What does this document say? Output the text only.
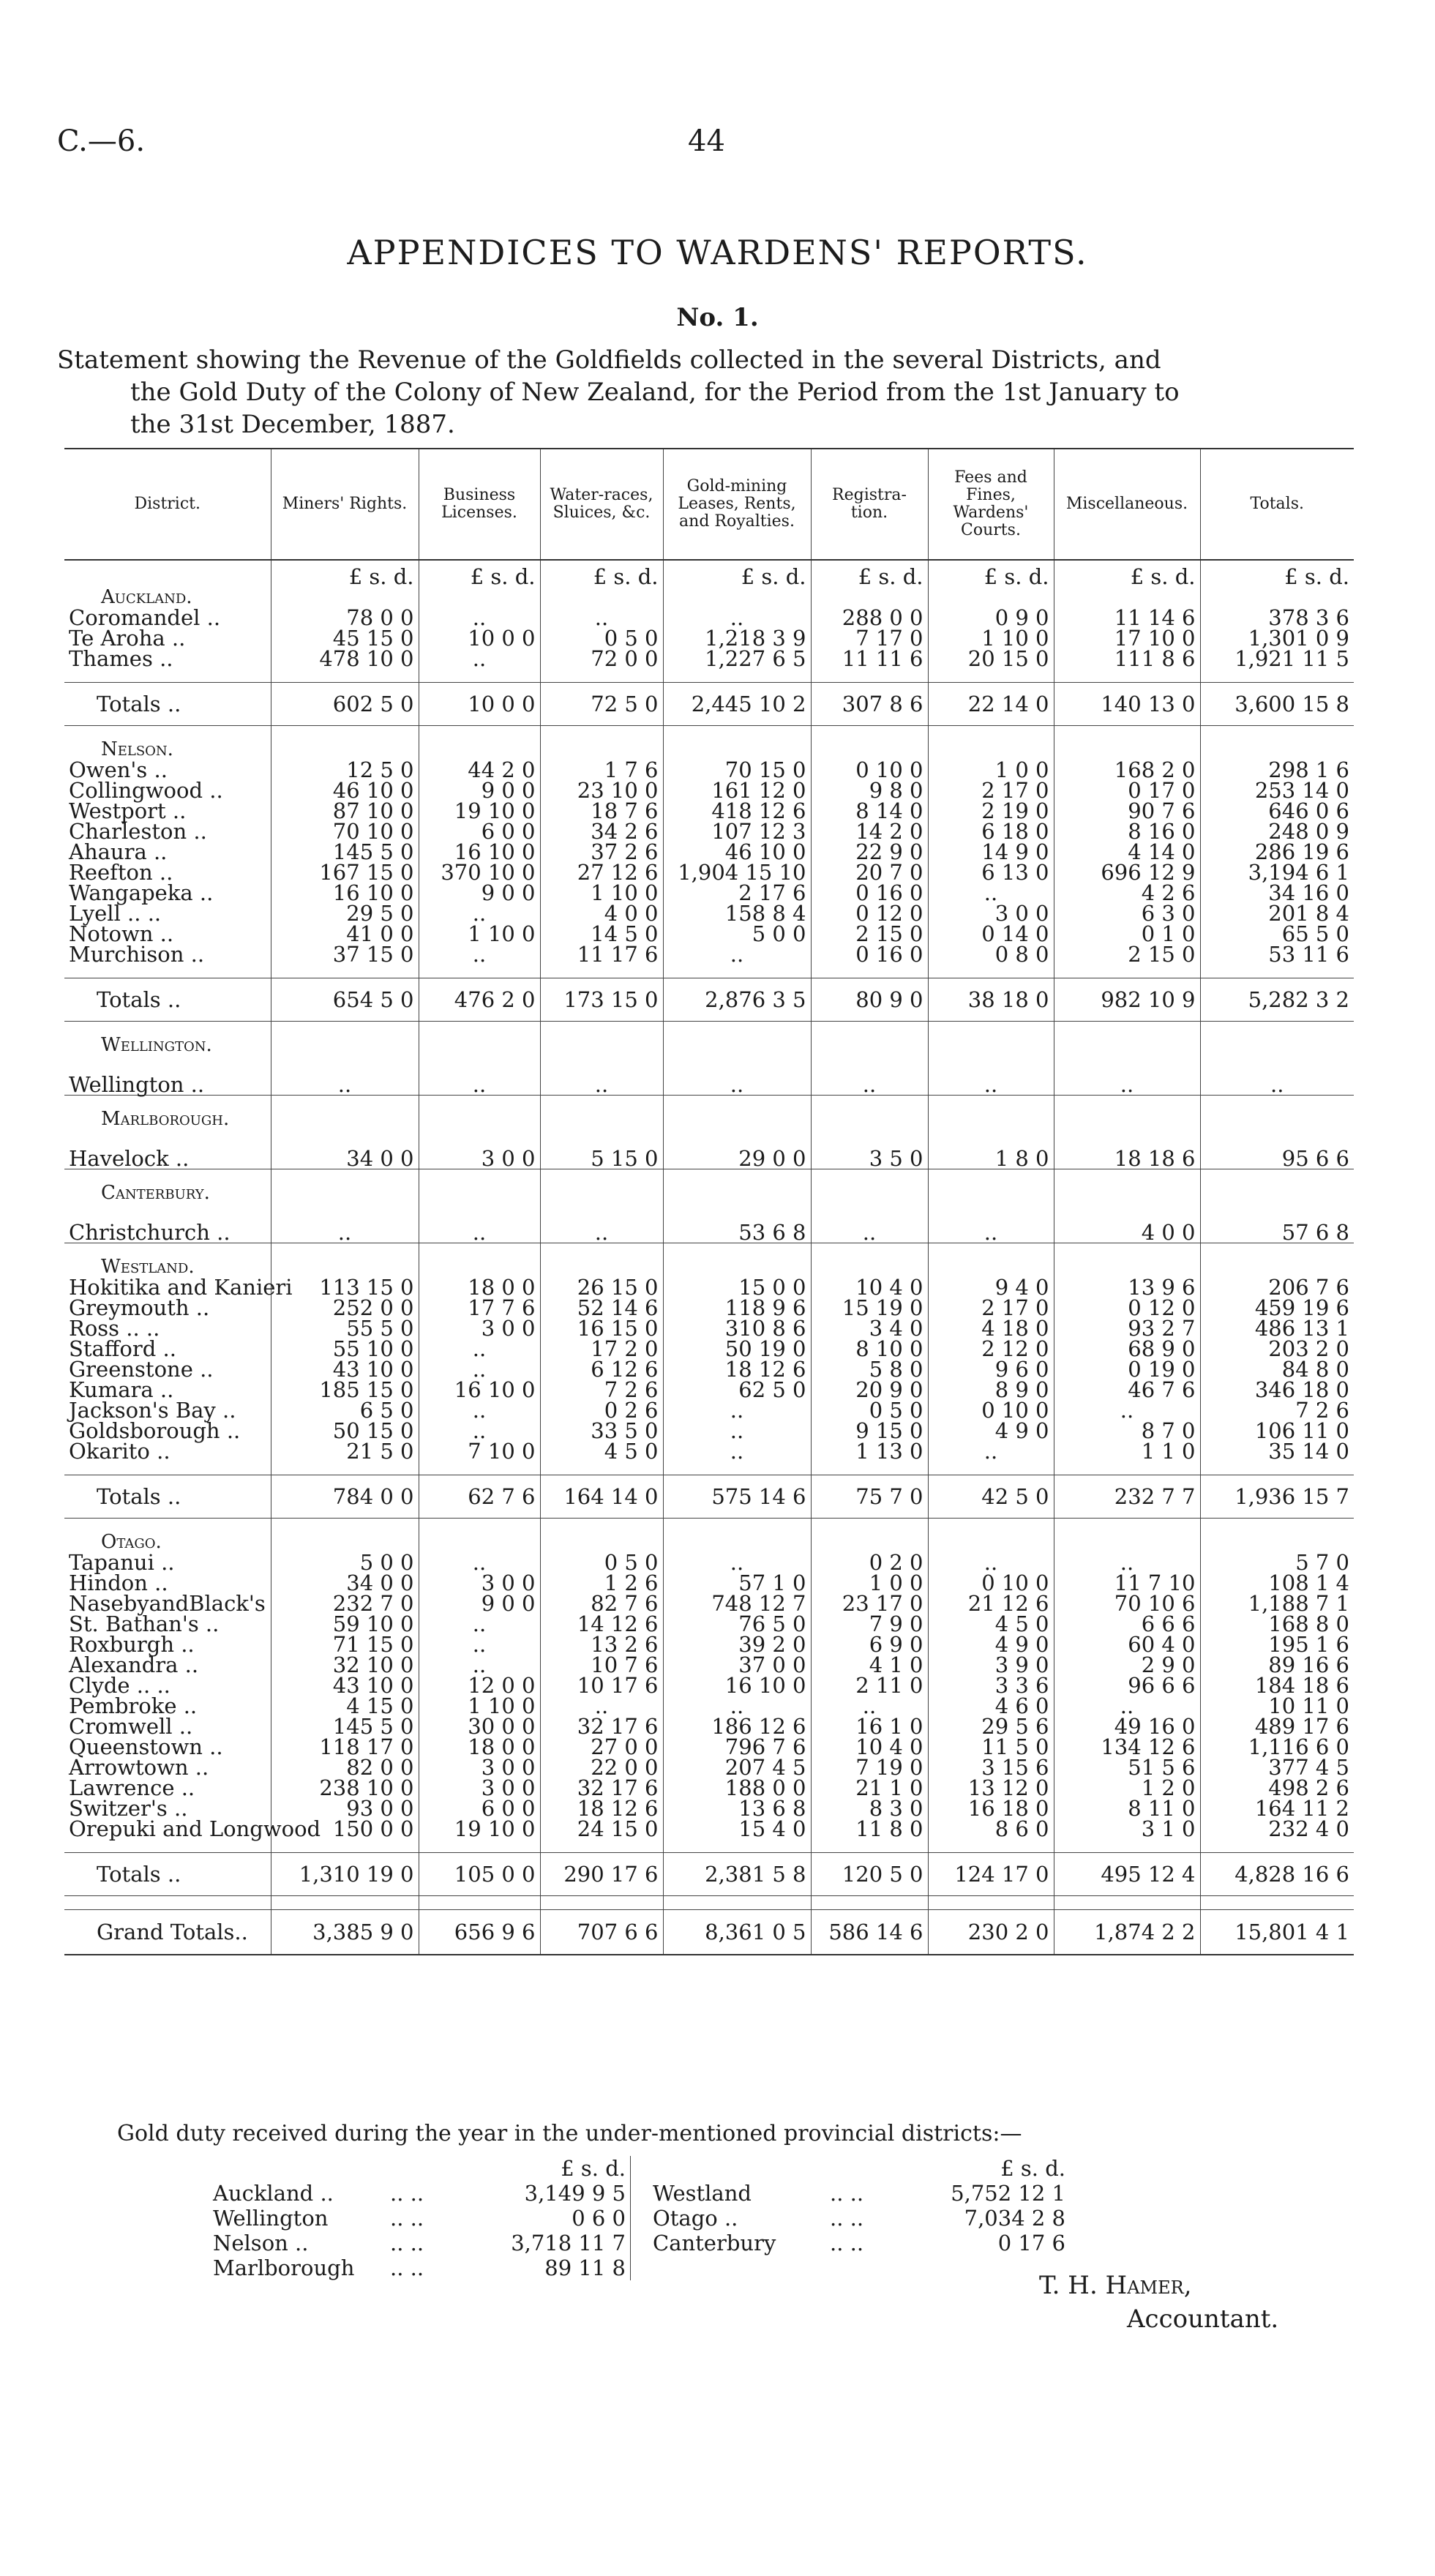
C.—6.	44
APPENDICES TO WARDENS' REPORTS.
No. 1.
Statement showing the Revenue of the Goldfields collected in the several Districts, and
the Gold Duty of the Colony of New Zealand, for the Period from the 1st January to
the 31st December, 1887.
District.	Miners' Rights.	Business Licenses.	Water-races, Sluices, &c.	Gold-mining Leases, Rents, and Royalties.	Registra-tion.	Fees and Fines, Wardens' Courts.	Miscellaneous.	Totals.
	£ s. d.	£ s. d.	£ s. d.	£ s. d.	£ s. d.	£ s. d.	£ s. d.	£ s. d.
Auckland.								
Coromandel ..	78 0 0	..	..	..	288 0 0	0 9 0	11 14 6	378 3 6
Te Aroha ..	45 15 0	10 0 0	0 5 0	1,218 3 9	7 17 0	1 10 0	17 10 0	1,301 0 9
Thames ..	478 10 0	..	72 0 0	1,227 6 5	11 11 6	20 15 0	111 8 6	1,921 11 5

Totals ..	602 5 0	10 0 0	72 5 0	2,445 10 2	307 8 6	22 14 0	140 13 0	3,600 15 8

Nelson.								
Owen's ..	12 5 0	44 2 0	1 7 6	70 15 0	0 10 0	1 0 0	168 2 0	298 1 6
Collingwood ..	46 10 0	9 0 0	23 10 0	161 12 0	9 8 0	2 17 0	0 17 0	253 14 0
Westport ..	87 10 0	19 10 0	18 7 6	418 12 6	8 14 0	2 19 0	90 7 6	646 0 6
Charleston ..	70 10 0	6 0 0	34 2 6	107 12 3	14 2 0	6 18 0	8 16 0	248 0 9
Ahaura ..	145 5 0	16 10 0	37 2 6	46 10 0	22 9 0	14 9 0	4 14 0	286 19 6
Reefton ..	167 15 0	370 10 0	27 12 6	1,904 15 10	20 7 0	6 13 0	696 12 9	3,194 6 1
Wangapeka ..	16 10 0	9 0 0	1 10 0	2 17 6	0 16 0	..	4 2 6	34 16 0
Lyell .. ..	29 5 0	..	4 0 0	158 8 4	0 12 0	3 0 0	6 3 0	201 8 4
Notown ..	41 0 0	1 10 0	14 5 0	5 0 0	2 15 0	0 14 0	0 1 0	65 5 0
Murchison ..	37 15 0	..	11 17 6	..	0 16 0	0 8 0	2 15 0	53 11 6

Totals ..	654 5 0	476 2 0	173 15 0	2,876 3 5	80 9 0	38 18 0	982 10 9	5,282 3 2

Wellington.								
Wellington ..	..	..	..	..	..	..	..	..

Marlborough.								
Havelock ..	34 0 0	3 0 0	5 15 0	29 0 0	3 5 0	1 8 0	18 18 6	95 6 6

Canterbury.								
Christchurch ..	..	..	..	53 6 8	..	..	4 0 0	57 6 8

Westland.								
Hokitika and Kanieri	113 15 0	18 0 0	26 15 0	15 0 0	10 4 0	9 4 0	13 9 6	206 7 6
Greymouth ..	252 0 0	17 7 6	52 14 6	118 9 6	15 19 0	2 17 0	0 12 0	459 19 6
Ross .. ..	55 5 0	3 0 0	16 15 0	310 8 6	3 4 0	4 18 0	93 2 7	486 13 1
Stafford ..	55 10 0	..	17 2 0	50 19 0	8 10 0	2 12 0	68 9 0	203 2 0
Greenstone ..	43 10 0	..	6 12 6	18 12 6	5 8 0	9 6 0	0 19 0	84 8 0
Kumara ..	185 15 0	16 10 0	7 2 6	62 5 0	20 9 0	8 9 0	46 7 6	346 18 0
Jackson's Bay ..	6 5 0	..	0 2 6	..	0 5 0	0 10 0	..	7 2 6
Goldsborough ..	50 15 0	..	33 5 0	..	9 15 0	4 9 0	8 7 0	106 11 0
Okarito ..	21 5 0	7 10 0	4 5 0	..	1 13 0	..	1 1 0	35 14 0

Totals ..	784 0 0	62 7 6	164 14 0	575 14 6	75 7 0	42 5 0	232 7 7	1,936 15 7

Otago.								
Tapanui ..	5 0 0	..	0 5 0	..	0 2 0	..	..	5 7 0
Hindon ..	34 0 0	3 0 0	1 2 6	57 1 0	1 0 0	0 10 0	11 7 10	108 1 4
NasebyandBlack's	232 7 0	9 0 0	82 7 6	748 12 7	23 17 0	21 12 6	70 10 6	1,188 7 1
St. Bathan's ..	59 10 0	..	14 12 6	76 5 0	7 9 0	4 5 0	6 6 6	168 8 0
Roxburgh ..	71 15 0	..	13 2 6	39 2 0	6 9 0	4 9 0	60 4 0	195 1 6
Alexandra ..	32 10 0	..	10 7 6	37 0 0	4 1 0	3 9 0	2 9 0	89 16 6
Clyde .. ..	43 10 0	12 0 0	10 17 6	16 10 0	2 11 0	3 3 6	96 6 6	184 18 6
Pembroke ..	4 15 0	1 10 0	..	..	..	4 6 0	..	10 11 0
Cromwell ..	145 5 0	30 0 0	32 17 6	186 12 6	16 1 0	29 5 6	49 16 0	489 17 6
Queenstown ..	118 17 0	18 0 0	27 0 0	796 7 6	10 4 0	11 5 0	134 12 6	1,116 6 0
Arrowtown ..	82 0 0	3 0 0	22 0 0	207 4 5	7 19 0	3 15 6	51 5 6	377 4 5
Lawrence ..	238 10 0	3 0 0	32 17 6	188 0 0	21 1 0	13 12 0	1 2 0	498 2 6
Switzer's ..	93 0 0	6 0 0	18 12 6	13 6 8	8 3 0	16 18 0	8 11 0	164 11 2
Orepuki and Longwood	150 0 0	19 10 0	24 15 0	15 4 0	11 8 0	8 6 0	3 1 0	232 4 0

Totals ..	1,310 19 0	105 0 0	290 17 6	2,381 5 8	120 5 0	124 17 0	495 12 4	4,828 16 6

Grand Totals..	3,385 9 0	656 9 6	707 6 6	8,361 0 5	586 14 6	230 2 0	1,874 2 2	15,801 4 1
Gold duty received during the year in the under-mentioned provincial districts:—
		£ s. d.				£ s. d.
Auckland ..	.. ..	3,149 9 5		Westland	.. ..	5,752 12 1
Wellington	.. ..	0 6 0		Otago ..	.. ..	7,034 2 8
Nelson ..	.. ..	3,718 11 7		Canterbury	.. ..	0 17 6
Marlborough	.. ..	89 11 8				
T. H. Hamer,
Accountant.
